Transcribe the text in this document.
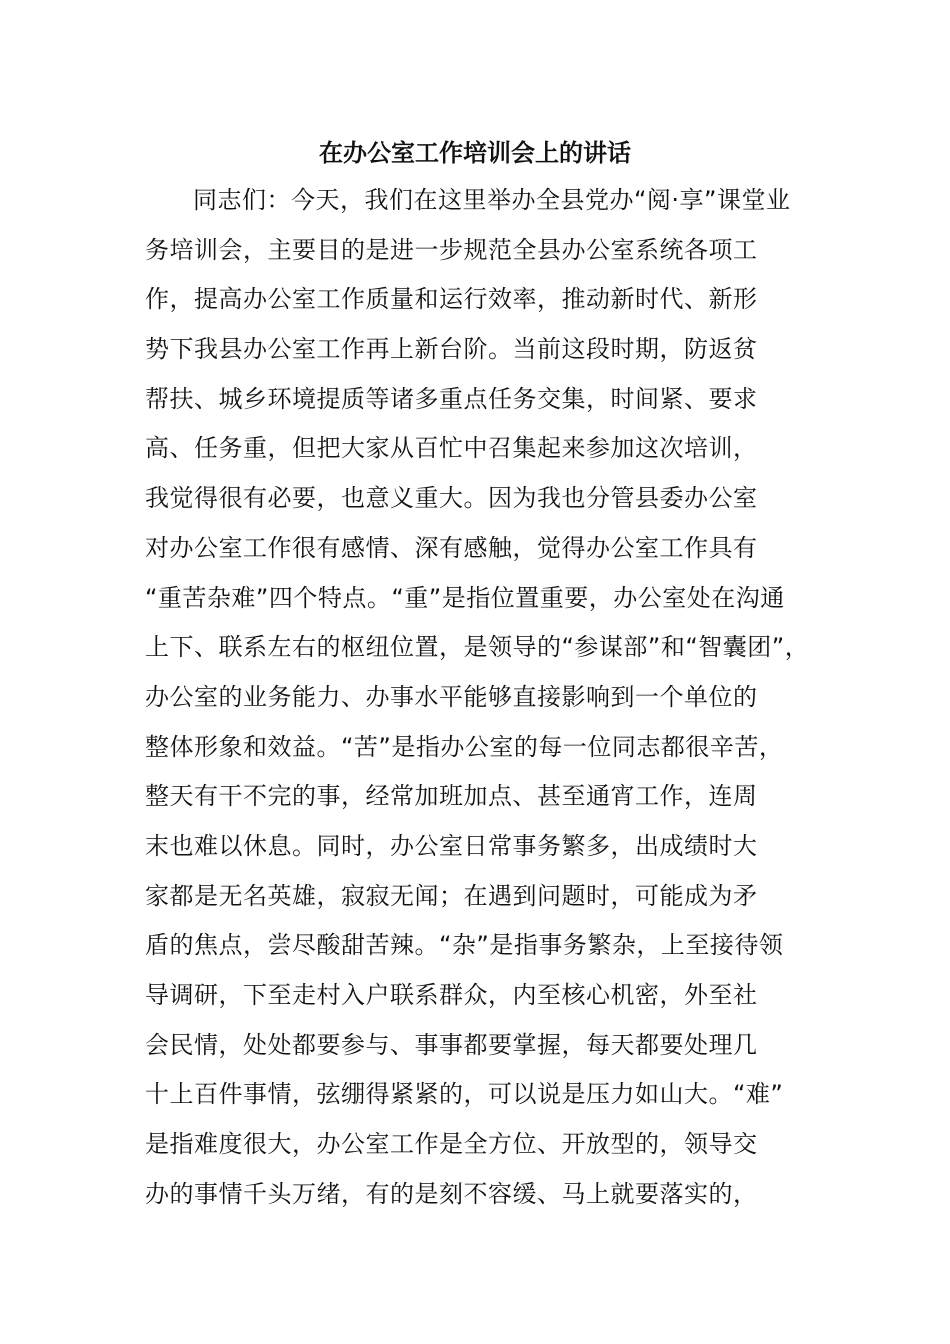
在办公室工作培训会上的讲话
同志们：今天，我们在这里举办全县党办“阅·享”课堂业
务培训会，主要目的是进一步规范全县办公室系统各项工
作，提高办公室工作质量和运行效率，推动新时代、新形
势下我县办公室工作再上新台阶。当前这段时期，防返贫
帮扶、城乡环境提质等诸多重点任务交集，时间紧、要求
高、任务重，但把大家从百忙中召集起来参加这次培训，
我觉得很有必要，也意义重大。因为我也分管县委办公室
对办公室工作很有感情、深有感触，觉得办公室工作具有
“重苦杂难”四个特点。“重”是指位置重要，办公室处在沟通
上下、联系左右的枢纽位置，是领导的“参谋部”和“智囊团”，
办公室的业务能力、办事水平能够直接影响到一个单位的
整体形象和效益。“苦”是指办公室的每一位同志都很辛苦，
整天有干不完的事，经常加班加点、甚至通宵工作，连周
末也难以休息。同时，办公室日常事务繁多，出成绩时大
家都是无名英雄，寂寂无闻；在遇到问题时，可能成为矛
盾的焦点，尝尽酸甜苦辣。“杂”是指事务繁杂，上至接待领
导调研，下至走村入户联系群众，内至核心机密，外至社
会民情，处处都要参与、事事都要掌握，每天都要处理几
十上百件事情，弦绷得紧紧的，可以说是压力如山大。“难”
是指难度很大，办公室工作是全方位、开放型的，领导交
办的事情千头万绪，有的是刻不容缓、马上就要落实的，
